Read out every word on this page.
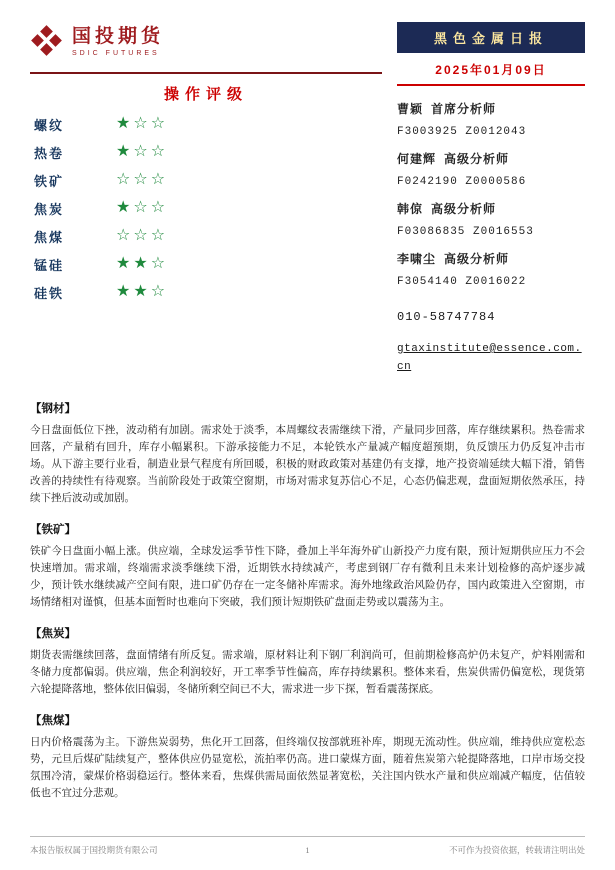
国投期货
SDIC FUTURES
操作评级
螺纹	★☆☆
热卷	★☆☆
铁矿	☆☆☆
焦炭	★☆☆
焦煤	☆☆☆
锰硅	★★☆
硅铁	★★☆
黑色金属日报
2025年01月09日
曹颖 首席分析师
F3003925 Z0012043
何建辉 高级分析师
F0242190 Z0000586
韩倞 高级分析师
F03086835 Z0016553
李啸尘 高级分析师
F3054140 Z0016022
010-58747784
gtaxinstitute@essence.com.cn
【钢材】

今日盘面低位下挫，波动稍有加剧。需求处于淡季，本周螺纹表需继续下滑，产量同步回落，库存继续累积。热卷需求回落，产量稍有回升，库存小幅累积。下游承接能力不足，本轮铁水产量减产幅度超预期，负反馈压力仍反复冲击市场。从下游主要行业看，制造业景气程度有所回暖，积极的财政政策对基建仍有支撑，地产投资端延续大幅下滑，销售改善的持续性有待观察。当前阶段处于政策空窗期，市场对需求复苏信心不足，心态仍偏悲观，盘面短期依然承压，持续下挫后波动或加剧。

【铁矿】

铁矿今日盘面小幅上涨。供应端，全球发运季节性下降，叠加上半年海外矿山新投产力度有限，预计短期供应压力不会快速增加。需求端，终端需求淡季继续下滑，近期铁水持续减产，考虑到钢厂存有微利且未来计划检修的高炉逐步减少，预计铁水继续减产空间有限，进口矿仍存在一定冬储补库需求。海外地缘政治风险仍存，国内政策进入空窗期，市场情绪相对谨慎，但基本面暂时也难向下突破，我们预计短期铁矿盘面走势或以震荡为主。

【焦炭】

期货表需继续回落，盘面情绪有所反复。需求端，原材料让利下钢厂利润尚可，但前期检修高炉仍未复产，炉料刚需和冬储力度都偏弱。供应端，焦企利润较好，开工率季节性偏高，库存持续累积。整体来看，焦炭供需仍偏宽松，现货第六轮提降落地，整体依旧偏弱，冬储所剩空间已不大，需求进一步下探，暂看震荡探底。

【焦煤】

日内价格震荡为主。下游焦炭弱势，焦化开工回落，但终端仅按部就班补库，期现无流动性。供应端，维持供应宽松态势，元旦后煤矿陆续复产，整体供应仍显宽松，流拍率仍高。进口蒙煤方面，随着焦炭第六轮提降落地，口岸市场交投氛围冷清，蒙煤价格弱稳运行。整体来看，焦煤供需局面依然显著宽松，关注国内铁水产量和供应端减产幅度，估值较低也不宜过分悲观。

本报告版权属于国投期货有限公司	1	不可作为投资依据，转载请注明出处
